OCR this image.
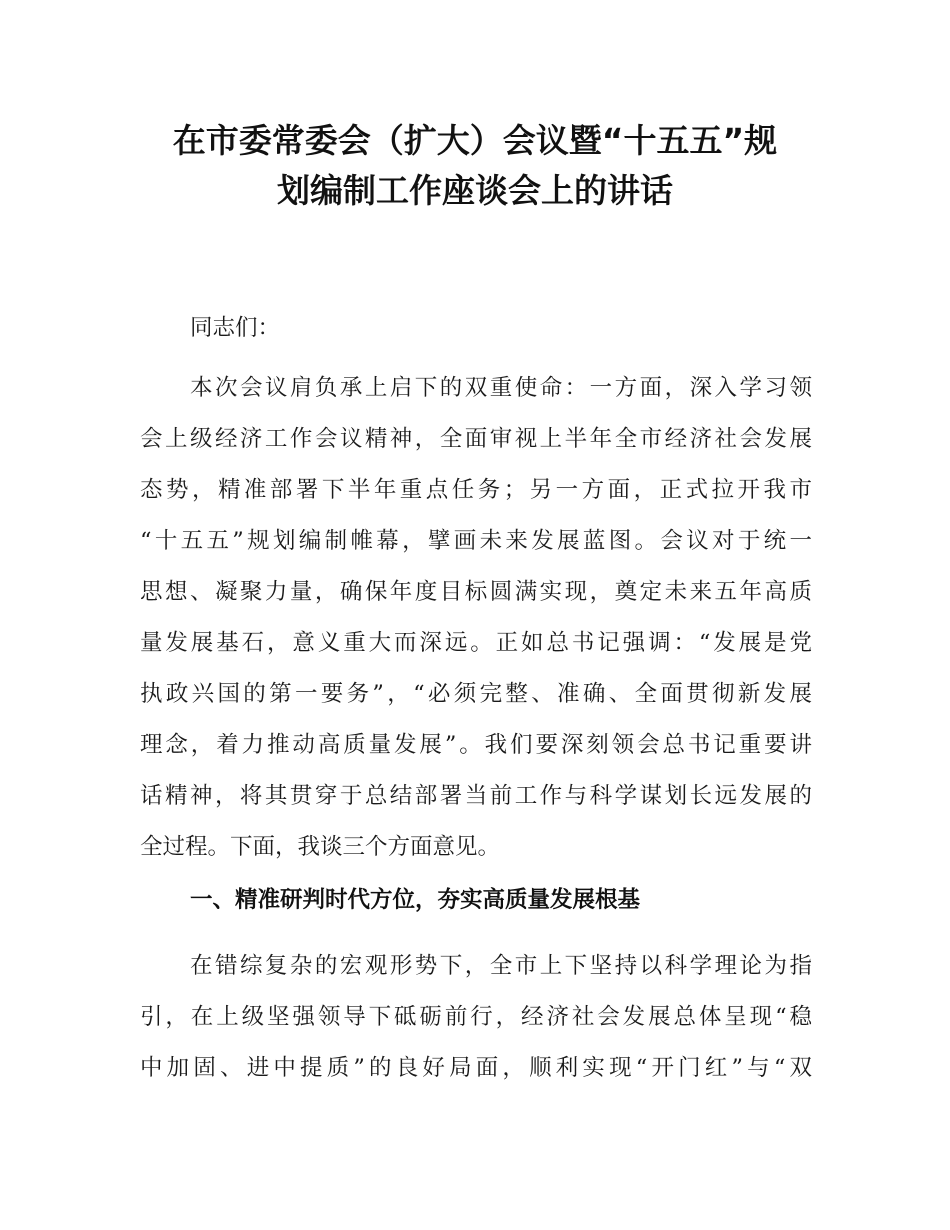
在市委常委会（扩大）会议暨“十五五”规
划编制工作座谈会上的讲话
同志们：
本次会议肩负承上启下的双重使命：一方面，深入学习领
会上级经济工作会议精神，全面审视上半年全市经济社会发展
态势，精准部署下半年重点任务；另一方面，正式拉开我市
“十五五”规划编制帷幕，擘画未来发展蓝图。会议对于统一
思想、凝聚力量，确保年度目标圆满实现，奠定未来五年高质
量发展基石，意义重大而深远。正如总书记强调：“发展是党
执政兴国的第一要务”，“必须完整、准确、全面贯彻新发展
理念，着力推动高质量发展”。我们要深刻领会总书记重要讲
话精神，将其贯穿于总结部署当前工作与科学谋划长远发展的
全过程。下面，我谈三个方面意见。
一、精准研判时代方位，夯实高质量发展根基
在错综复杂的宏观形势下，全市上下坚持以科学理论为指
引，在上级坚强领导下砥砺前行，经济社会发展总体呈现“稳
中加固、进中提质”的良好局面，顺利实现“开门红”与“双
